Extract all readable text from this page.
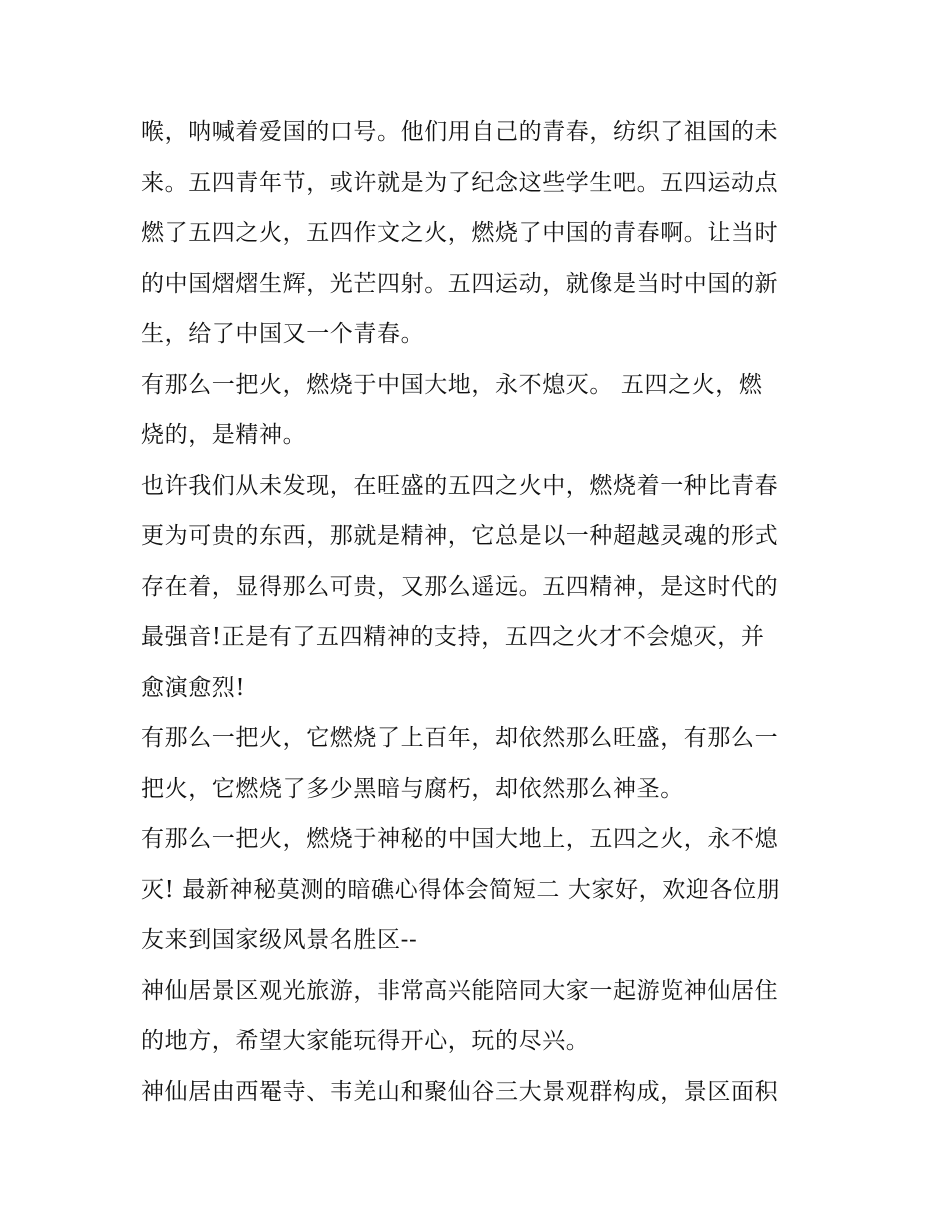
喉，呐喊着爱国的口号。他们用自己的青春，纺织了祖国的未
来。五四青年节，或许就是为了纪念这些学生吧。五四运动点
燃了五四之火，五四作文之火，燃烧了中国的青春啊。让当时
的中国熠熠生辉，光芒四射。五四运动，就像是当时中国的新
生，给了中国又一个青春。

有那么一把火，燃烧于中国大地，永不熄灭。 五四之火，燃
烧的，是精神。

也许我们从未发现，在旺盛的五四之火中，燃烧着一种比青春
更为可贵的东西，那就是精神，它总是以一种超越灵魂的形式
存在着，显得那么可贵，又那么遥远。五四精神，是这时代的
最强音!正是有了五四精神的支持，五四之火才不会熄灭，并
愈演愈烈!

有那么一把火，它燃烧了上百年，却依然那么旺盛，有那么一
把火，它燃烧了多少黑暗与腐朽，却依然那么神圣。

有那么一把火，燃烧于神秘的中国大地上，五四之火，永不熄
灭! 最新神秘莫测的暗礁心得体会简短二 大家好，欢迎各位朋
友来到国家级风景名胜区--

神仙居景区观光旅游，非常高兴能陪同大家一起游览神仙居住
的地方，希望大家能玩得开心，玩的尽兴。

神仙居由西罨寺、韦羌山和聚仙谷三大景观群构成，景区面积
